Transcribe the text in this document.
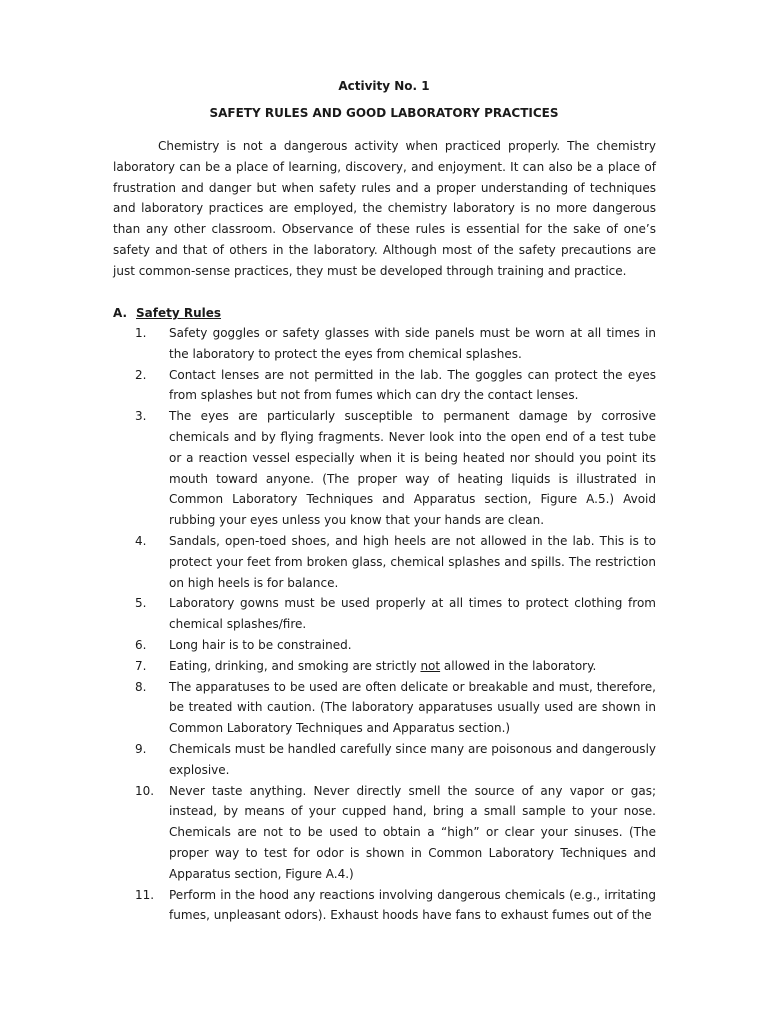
Activity No. 1
SAFETY RULES AND GOOD LABORATORY PRACTICES

Chemistry is not a dangerous activity when practiced properly. The chemistry laboratory can be a place of learning, discovery, and enjoyment. It can also be a place of frustration and danger but when safety rules and a proper understanding of techniques and laboratory practices are employed, the chemistry laboratory is no more dangerous than any other classroom. Observance of these rules is essential for the sake of one’s safety and that of others in the laboratory. Although most of the safety precautions are just common-sense practices, they must be developed through training and practice.

A. Safety Rules
1.	Safety goggles or safety glasses with side panels must be worn at all times in the laboratory to protect the eyes from chemical splashes.
2.	Contact lenses are not permitted in the lab. The goggles can protect the eyes from splashes but not from fumes which can dry the contact lenses.
3.	The eyes are particularly susceptible to permanent damage by corrosive chemicals and by flying fragments. Never look into the open end of a test tube or a reaction vessel especially when it is being heated nor should you point its mouth toward anyone. (The proper way of heating liquids is illustrated in Common Laboratory Techniques and Apparatus section, Figure A.5.) Avoid rubbing your eyes unless you know that your hands are clean.
4.	Sandals, open-toed shoes, and high heels are not allowed in the lab. This is to protect your feet from broken glass, chemical splashes and spills. The restriction on high heels is for balance.
5.	Laboratory gowns must be used properly at all times to protect clothing from chemical splashes/fire.
6.	Long hair is to be constrained.
7.	Eating, drinking, and smoking are strictly not allowed in the laboratory.
8.	The apparatuses to be used are often delicate or breakable and must, therefore, be treated with caution. (The laboratory apparatuses usually used are shown in Common Laboratory Techniques and Apparatus section.)
9.	Chemicals must be handled carefully since many are poisonous and dangerously explosive.
10.	Never taste anything. Never directly smell the source of any vapor or gas; instead, by means of your cupped hand, bring a small sample to your nose. Chemicals are not to be used to obtain a “high” or clear your sinuses. (The proper way to test for odor is shown in Common Laboratory Techniques and Apparatus section, Figure A.4.)
11.	Perform in the hood any reactions involving dangerous chemicals (e.g., irritating fumes, unpleasant odors). Exhaust hoods have fans to exhaust fumes out of the
